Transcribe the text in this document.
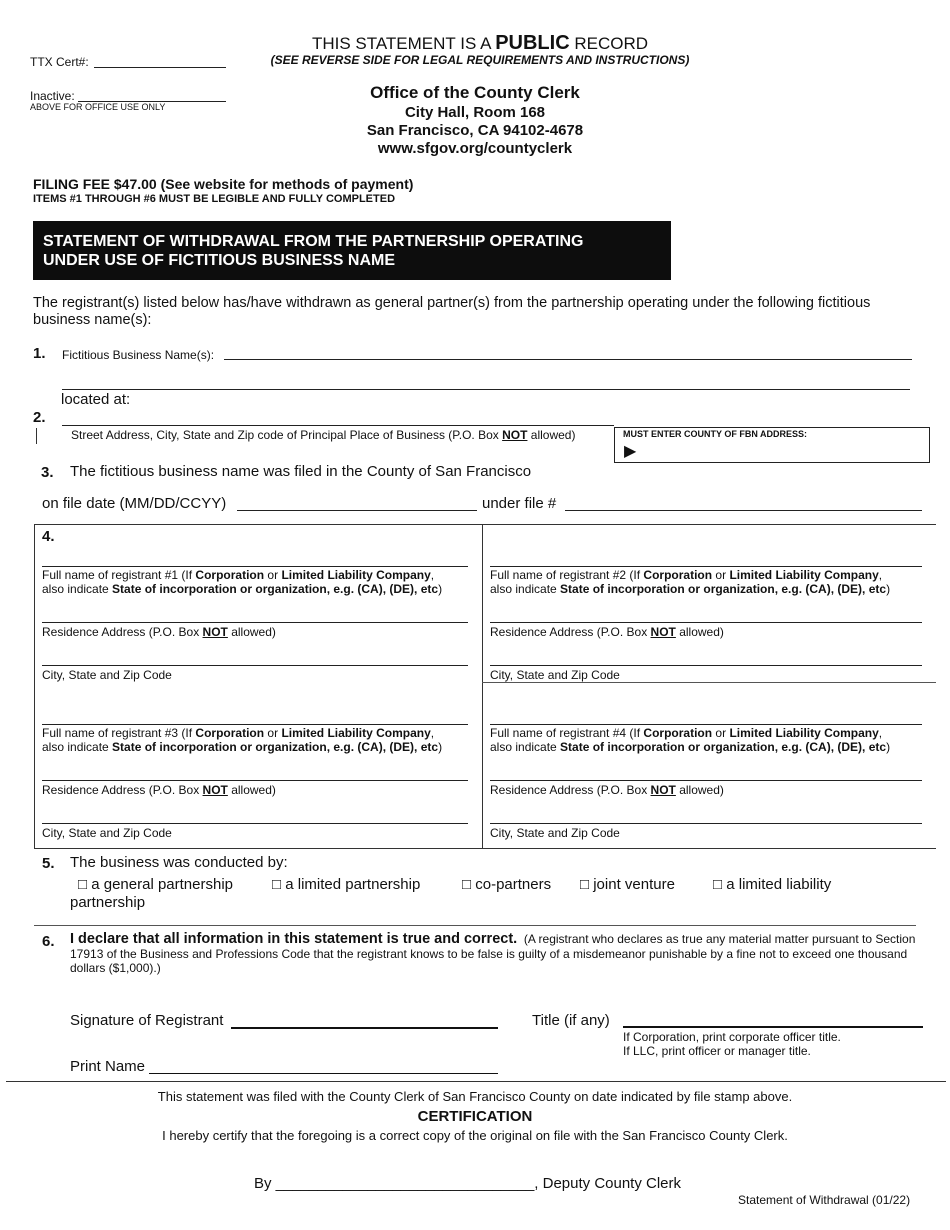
TTX Cert#:
Inactive:
ABOVE FOR OFFICE USE ONLY
THIS STATEMENT IS A PUBLIC RECORD
(SEE REVERSE SIDE FOR LEGAL REQUIREMENTS AND INSTRUCTIONS)
Office of the County Clerk
City Hall, Room 168
San Francisco, CA 94102-4678
www.sfgov.org/countyclerk
FILING FEE $47.00 (See website for methods of payment)
ITEMS #1 THROUGH #6 MUST BE LEGIBLE AND FULLY COMPLETED
STATEMENT OF WITHDRAWAL FROM THE PARTNERSHIP OPERATING
UNDER USE OF FICTITIOUS BUSINESS NAME
The registrant(s) listed below has/have withdrawn as general partner(s) from the partnership operating under the following fictitious business name(s):
1. Fictitious Business Name(s):
located at:
2.
Street Address, City, State and Zip code of Principal Place of Business (P.O. Box NOT allowed)	MUST ENTER COUNTY OF FBN ADDRESS:
▶
3. The fictitious business name was filed in the County of San Francisco
on file date (MM/DD/CCYY)	under file #
4.
Full name of registrant #1 (If Corporation or Limited Liability Company,
also indicate State of incorporation or organization, e.g. (CA), (DE), etc)
Residence Address (P.O. Box NOT allowed)
City, State and Zip Code
Full name of registrant #2 (If Corporation or Limited Liability Company,
also indicate State of incorporation or organization, e.g. (CA), (DE), etc)
Residence Address (P.O. Box NOT allowed)
City, State and Zip Code
Full name of registrant #3 (If Corporation or Limited Liability Company,
also indicate State of incorporation or organization, e.g. (CA), (DE), etc)
Residence Address (P.O. Box NOT allowed)
City, State and Zip Code
Full name of registrant #4 (If Corporation or Limited Liability Company,
also indicate State of incorporation or organization, e.g. (CA), (DE), etc)
Residence Address (P.O. Box NOT allowed)
City, State and Zip Code
5. The business was conducted by:
□ a general partnership	□ a limited partnership	□ co-partners □ joint venture	□ a limited liability
partnership
6. I declare that all information in this statement is true and correct. (A registrant who declares as true any material matter pursuant to Section 17913 of the Business and Professions Code that the registrant knows to be false is guilty of a misdemeanor punishable by a fine not to exceed one thousand dollars ($1,000).)
Signature of Registrant	Title (if any)
If Corporation, print corporate officer title.
If LLC, print officer or manager title.
Print Name
This statement was filed with the County Clerk of San Francisco County on date indicated by file stamp above.
CERTIFICATION
I hereby certify that the foregoing is a correct copy of the original on file with the San Francisco County Clerk.
By _______________________________, Deputy County Clerk
Statement of Withdrawal (01/22)
